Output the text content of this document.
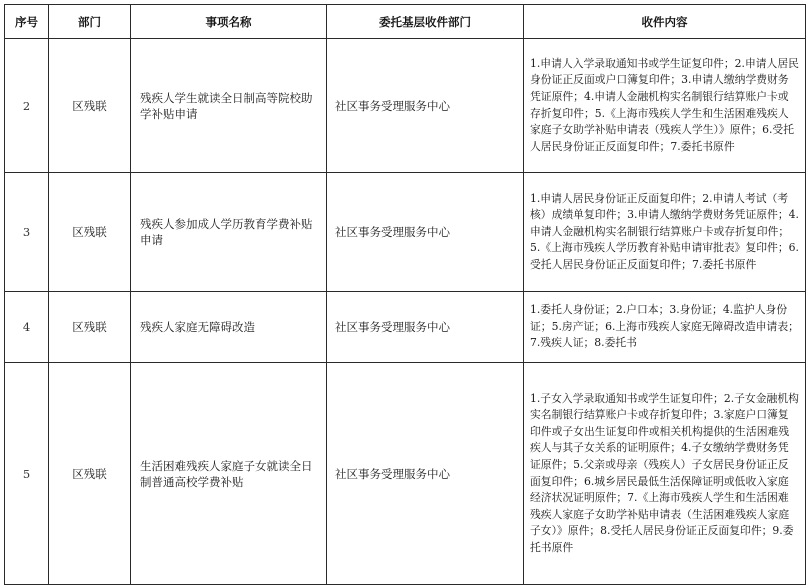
序号	部门	事项名称	委托基层收件部门	收件内容
2	区残联	残疾人学生就读全日制高等院校助学补贴申请	社区事务受理服务中心	1.申请人入学录取通知书或学生证复印件；2.申请人居民身份证正反面或户口簿复印件；3.申请人缴纳学费财务凭证原件；4.申请人金融机构实名制银行结算账户卡或存折复印件；5.《上海市残疾人学生和生活困难残疾人家庭子女助学补贴申请表（残疾人学生）》原件；6.受托人居民身份证正反面复印件；7.委托书原件
3	区残联	残疾人参加成人学历教育学费补贴申请	社区事务受理服务中心	1.申请人居民身份证正反面复印件；2.申请人考试（考核）成绩单复印件；3.申请人缴纳学费财务凭证原件；4.申请人金融机构实名制银行结算账户卡或存折复印件；5.《上海市残疾人学历教育补贴申请审批表》复印件；6.受托人居民身份证正反面复印件；7.委托书原件
4	区残联	残疾人家庭无障碍改造	社区事务受理服务中心	1.委托人身份证；2.户口本；3.身份证；4.监护人身份证；5.房产证；6.上海市残疾人家庭无障碍改造申请表；7.残疾人证；8.委托书
5	区残联	生活困难残疾人家庭子女就读全日制普通高校学费补贴	社区事务受理服务中心	1.子女入学录取通知书或学生证复印件；2.子女金融机构实名制银行结算账户卡或存折复印件；3.家庭户口簿复印件或子女出生证复印件或相关机构提供的生活困难残疾人与其子女关系的证明原件；4.子女缴纳学费财务凭证原件；5.父亲或母亲（残疾人）子女居民身份证正反面复印件；6.城乡居民最低生活保障证明或低收入家庭经济状况证明原件；7.《上海市残疾人学生和生活困难残疾人家庭子女助学补贴申请表（生活困难残疾人家庭子女）》原件；8.受托人居民身份证正反面复印件；9.委托书原件
